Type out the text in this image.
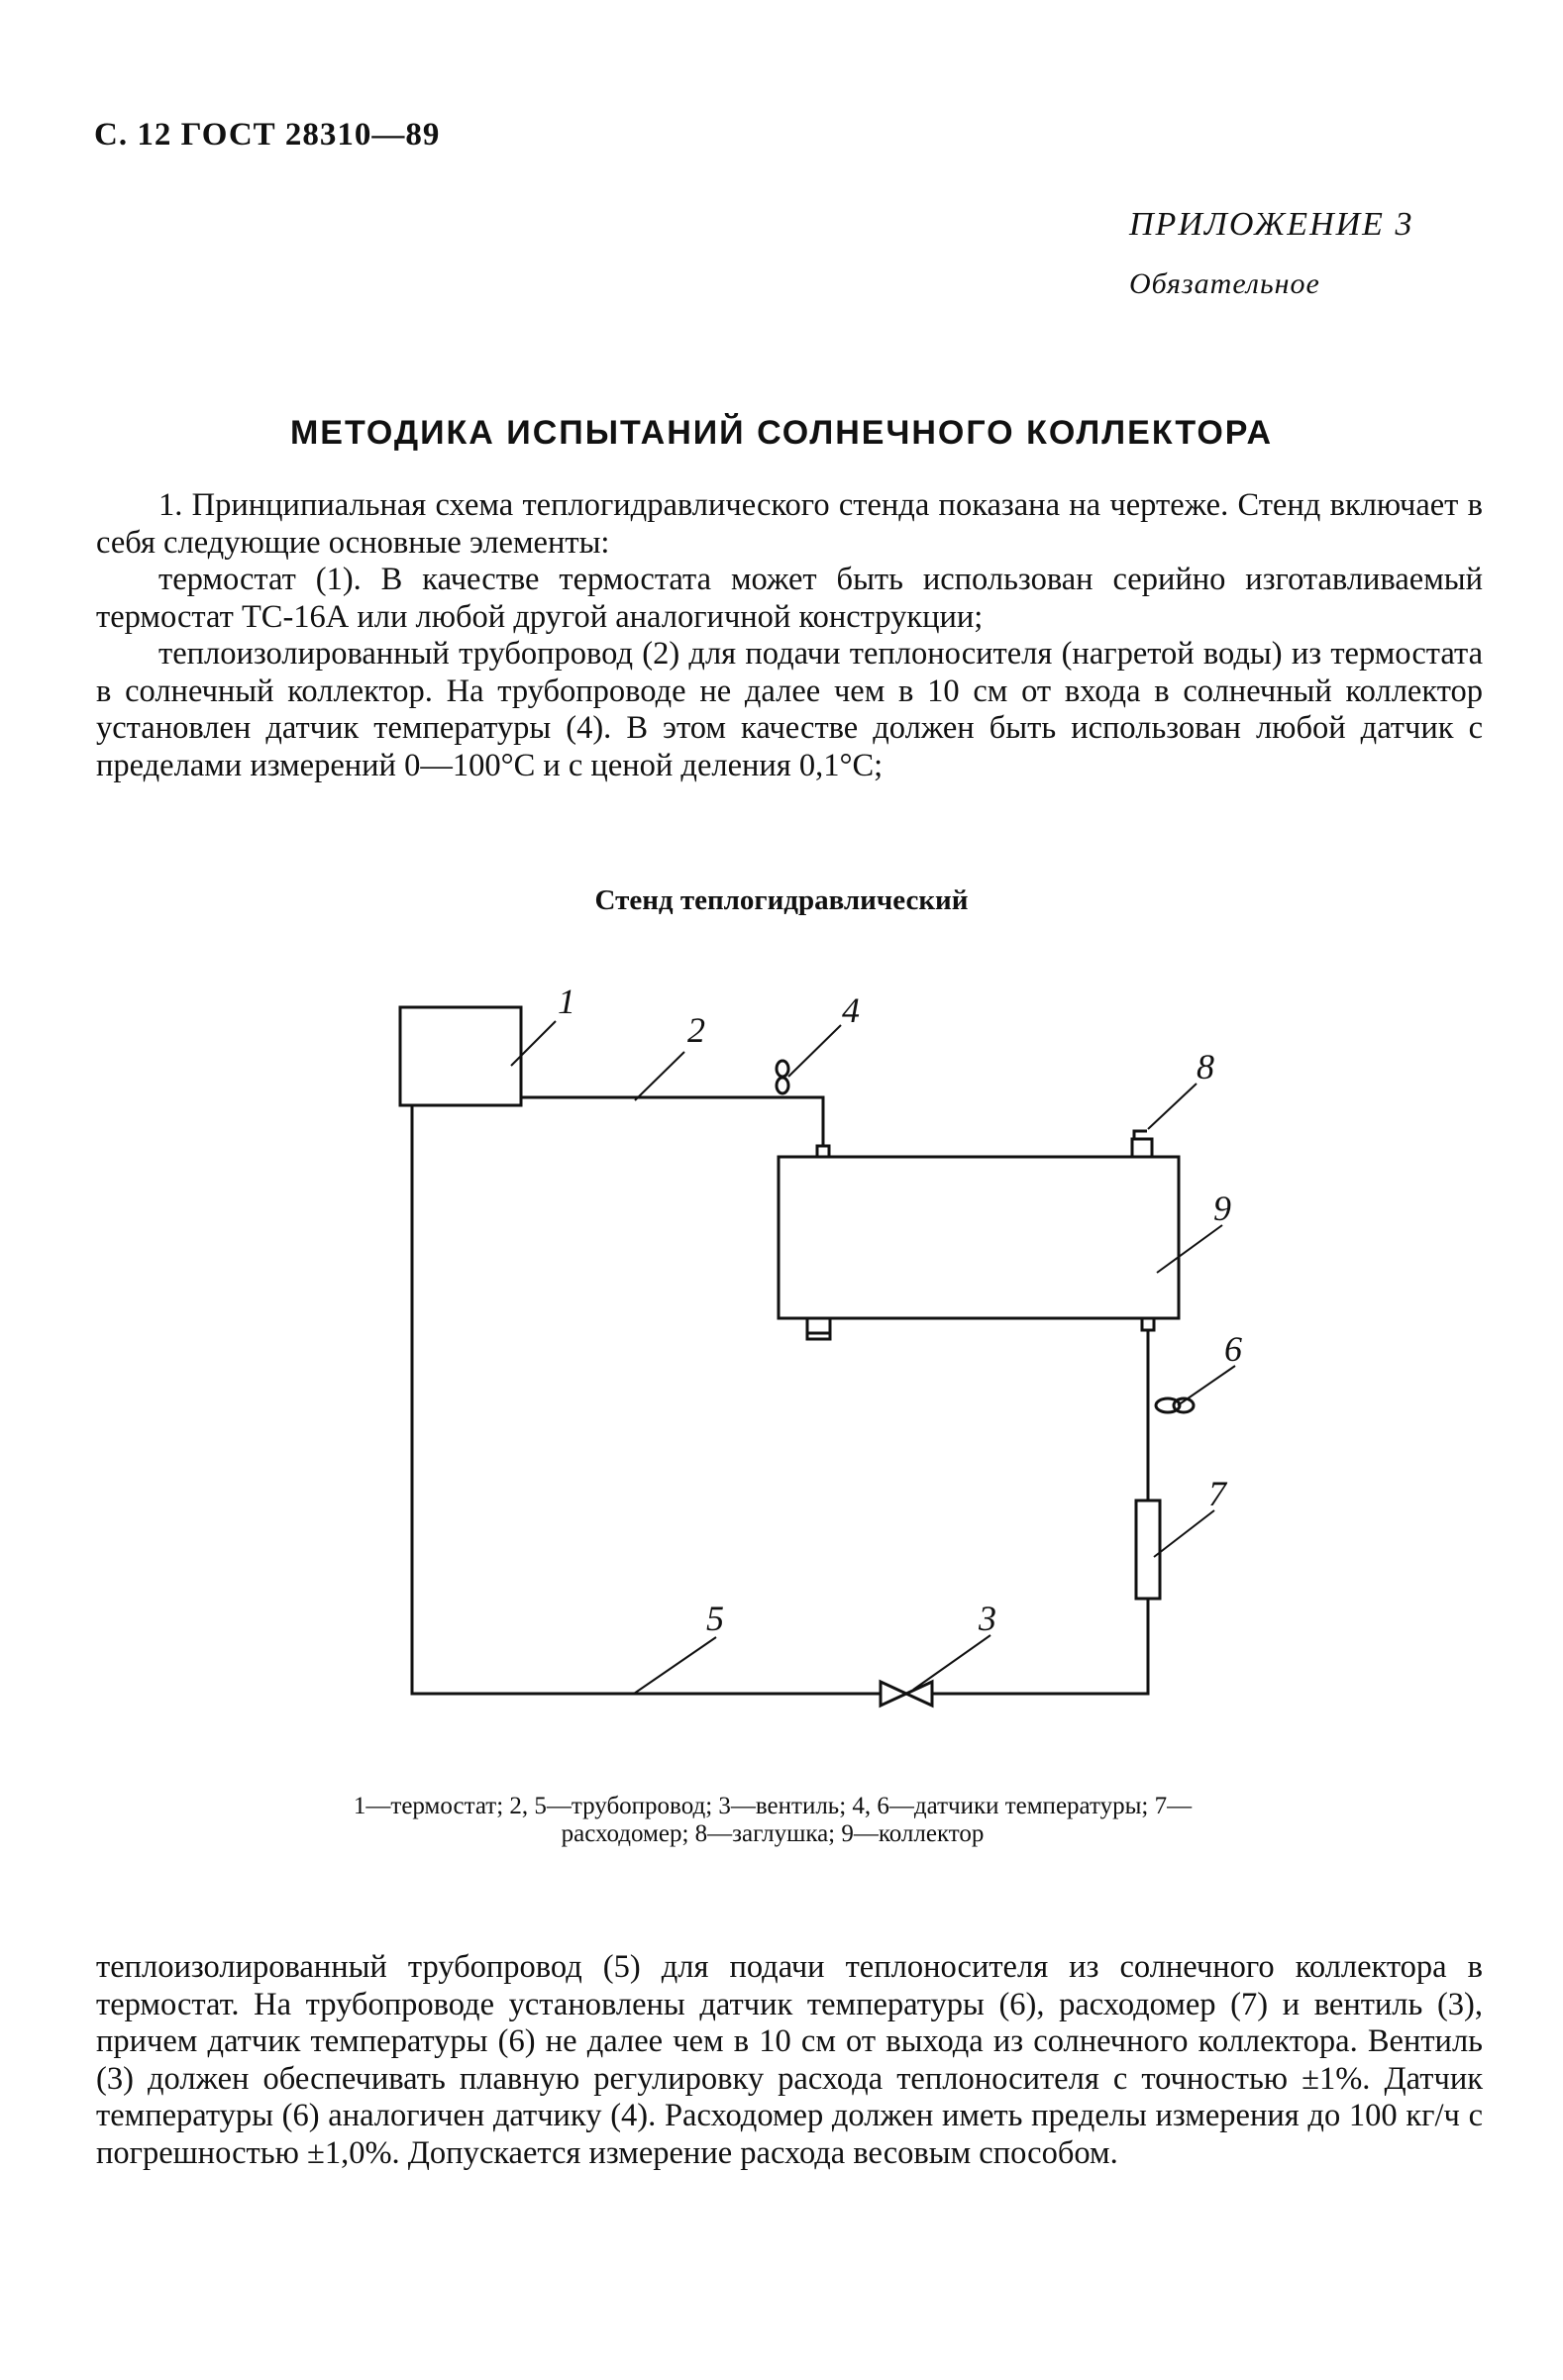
С. 12 ГОСТ 28310—89
ПРИЛОЖЕНИЕ 3
Обязательное
МЕТОДИКА ИСПЫТАНИЙ СОЛНЕЧНОГО КОЛЛЕКТОРА

1. Принципиальная схема теплогидравлического стенда показана на чертеже. Стенд включает в себя следующие основные элементы:

термостат (1). В качестве термостата может быть использован серийно изготавливаемый термостат ТС-16А или любой другой аналогичной конструкции;

теплоизолированный трубопровод (2) для подачи теплоносителя (нагретой воды) из термостата в солнечный коллектор. На трубопроводе не далее чем в 10 см от входа в солнечный коллектор установлен датчик температуры (4). В этом качестве должен быть использован любой датчик с пределами измерений 0—100°С и с ценой деления 0,1°С;

Стенд теплогидравлический
1
2	4
8
9
6
7
5	3
1—термостат; 2, 5—трубопровод; 3—вентиль; 4, 6—датчики температуры; 7—расходомер; 8—заглушка; 9—коллектор

теплоизолированный трубопровод (5) для подачи теплоносителя из солнечного коллектора в термостат. На трубопроводе установлены датчик температуры (6), расходомер (7) и вентиль (3), причем датчик температуры (6) не далее чем в 10 см от выхода из солнечного коллектора. Вентиль (3) должен обеспечивать плавную регулировку расхода теплоносителя с точностью ±1%. Датчик температуры (6) аналогичен датчику (4). Расходомер должен иметь пределы измерения до 100 кг/ч с погрешностью ±1,0%. Допускается измерение расхода весовым способом.
